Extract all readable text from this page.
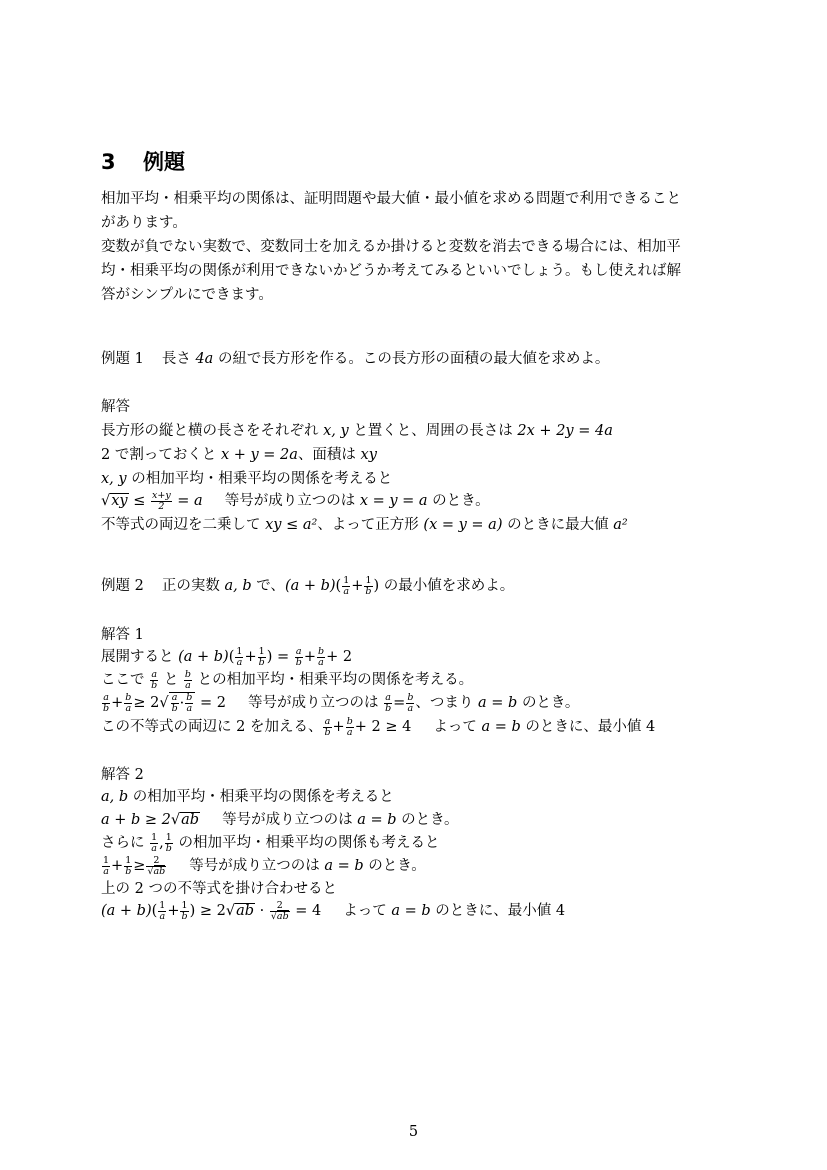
3 例題
相加平均・相乗平均の関係は、証明問題や最大値・最小値を求める問題で利用できること
があります。
変数が負でない実数で、変数同士を加えるか掛けると変数を消去できる場合には、相加平
均・相乗平均の関係が利用できないかどうか考えてみるといいでしょう。もし使えれば解
答がシンプルにできます。
例題 1 長さ 4a の紐で長方形を作る。この長方形の面積の最大値を求めよ。
解答
長方形の縦と横の長さをそれぞれ x, y と置くと、周囲の長さは 2x + 2y = 4a
2 で割っておくと x + y = 2a、面積は xy
x, y の相加平均・相乗平均の関係を考えると
$√xy \le \frac{x+y}{2} = a$ 等号が成り立つのは x = y = a のとき。
不等式の両辺を二乗して xy ≤ a²、よって正方形 (x = y = a) のときに最大値 a²
例題 2 正の実数 a, b で、$(a + b)( \frac{1}{a} + \frac{1}{b}$ ) の最小値を求めよ。
解答 1
展開すると $(a + b)( \frac{1}{a} + \frac{1}{b}$ ) = $\frac{a}{b} + \frac{b}{a} + 2$
ここで $\frac{a}{b}$ と $\frac{b}{a}$ との相加平均・相乗平均の関係を考える。
$\frac{a}{b} + \frac{b}{a} \ge 2√ \frac{a}{b} \cdot \frac{b}{a} = 2$ 等号が成り立つのは $\frac{a}{b} = \frac{b}{a}$ 、つまり a = b のとき。
この不等式の両辺に 2 を加える、 $\frac{a}{b} + \frac{b}{a} + 2 \ge 4$ よって a = b のときに、最小値 4
解答 2
a, b の相加平均・相乗平均の関係を考えると
a + b ≥ 2√ab 等号が成り立つのは a = b のとき。
さらに $\frac{1}{a}$ , $\frac{1}{b}$ の相加平均・相乗平均の関係も考えると
$\frac{1}{a} + \frac{1}{b} \ge \frac{2}{√ab}$ 等号が成り立つのは a = b のとき。
上の 2 つの不等式を掛け合わせると
$(a + b)( \frac{1}{a} + \frac{1}{b}$ ) ≥ $2√ab \cdot \frac{2}{√ab} = 4$ よって a = b のときに、最小値 4
5
